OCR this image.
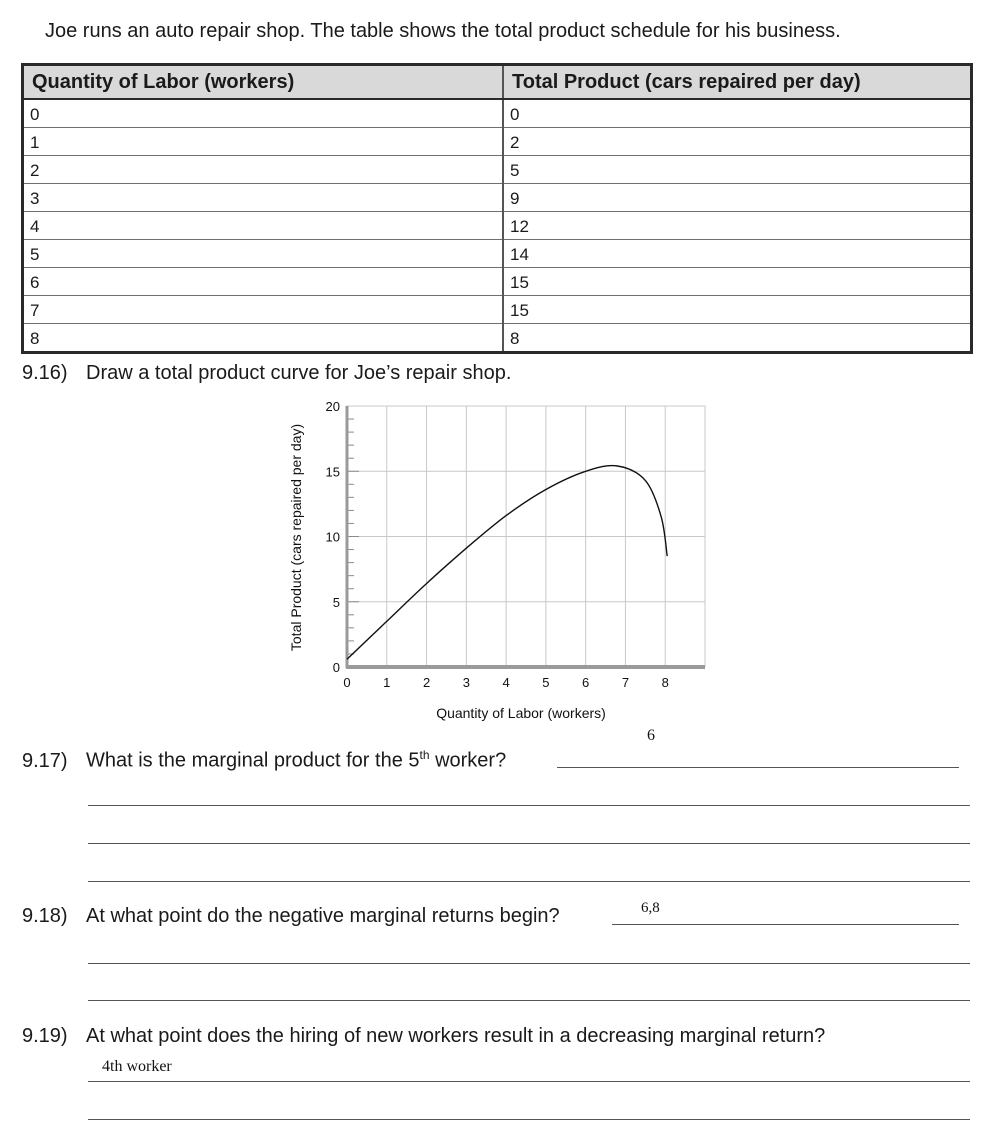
Joe runs an auto repair shop. The table shows the total product schedule for his business.
Quantity of Labor (workers)	Total Product (cars repaired per day)
0	0
1	2
2	5
3	9
4	12
5	14
6	15
7	15
8	8
9.16) Draw a total product curve for Joe’s repair shop.
0	1	2	3	4	5	6	7	8
0
5
10
15
20
Quantity of Labor (workers)
Total Product (cars repaired per day)
6
9.17) What is the marginal product for the 5th worker?
6,8
9.18) At what point do the negative marginal returns begin?
9.19) At what point does the hiring of new workers result in a decreasing marginal return?
4th worker
